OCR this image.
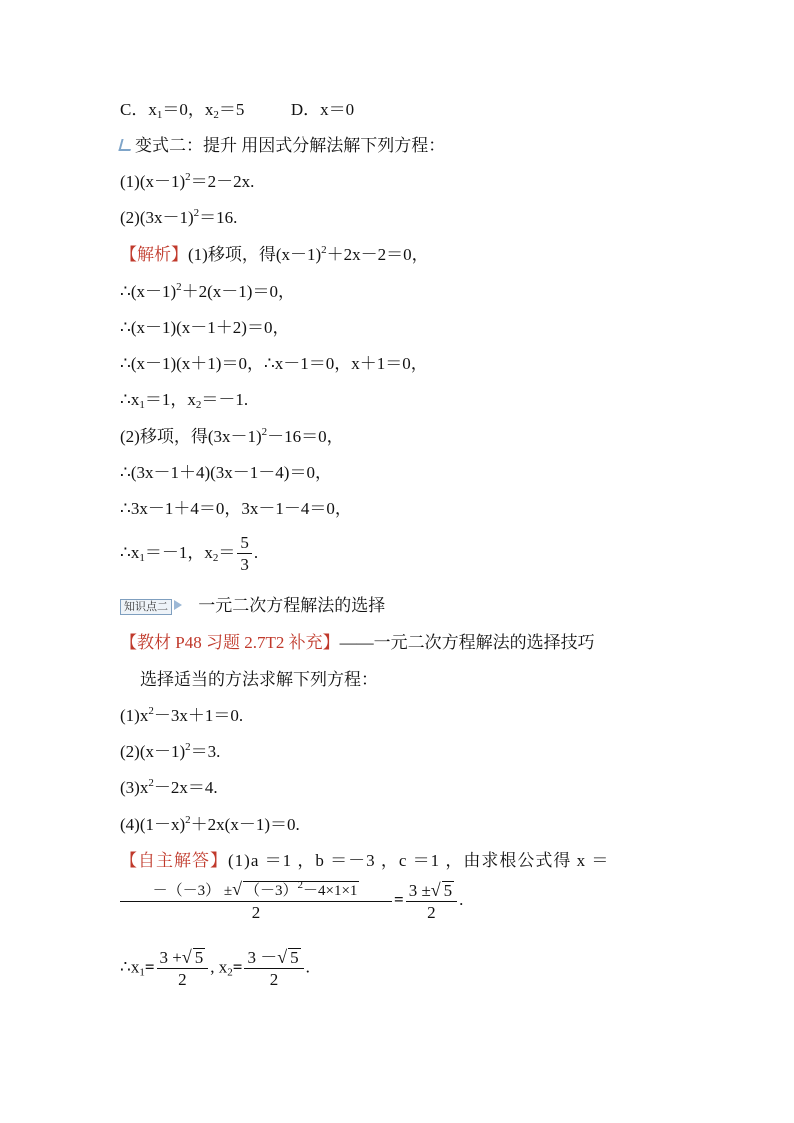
C．$x_1=0$，$x_2=5$	D．x＝0
变式二：提升 用因式分解法解下列方程：
$(1)(x-1)^2=2-2x$.
$(2)(3x-1)^2=16$.
【解析】(1)移项，得$(x-1)^2+2x-2=0$，
$\therefore(x-1)^2+2(x-1)=0$，
∴(x－1)(x－1＋2)＝0，
∴(x－1)(x＋1)＝0，∴x－1＝0，x＋1＝0，
$\therefore x_1=1$，$x_2=-1$.
(2)移项，得$(3x-1)^2-16=0$，
∴(3x－1＋4)(3x－1－4)＝0，
∴3x－1＋4＝0，3x－1－4＝0，
$\therefore x_1=-1$，$x_2= \frac{5}{3}$ .
知识点二 一元二次方程解法的选择
【教材 P48 习题 2.7T2 补充】——一元二次方程解法的选择技巧
选择适当的方法求解下列方程：
$(1)x^2-3x+1=0$.
$(2)(x-1)^2=3$.
$(3)x^2-2x=4$.
$(4)(1-x)^2+2x(x-1)=0$.
【自主解答】(1)a ＝1 ，b ＝－3 ，c ＝1 ，由求根公式得 x ＝
$\frac{-(-3) \pm√ (-3)^2-4\times 1\times 1}{2} = \frac{3 \pm√ 5}{2}$ .
$\therefore x_1= \frac{3 +√ 5}{2}$ , $x_2= \frac{3 -√ 5}{2}$ .
